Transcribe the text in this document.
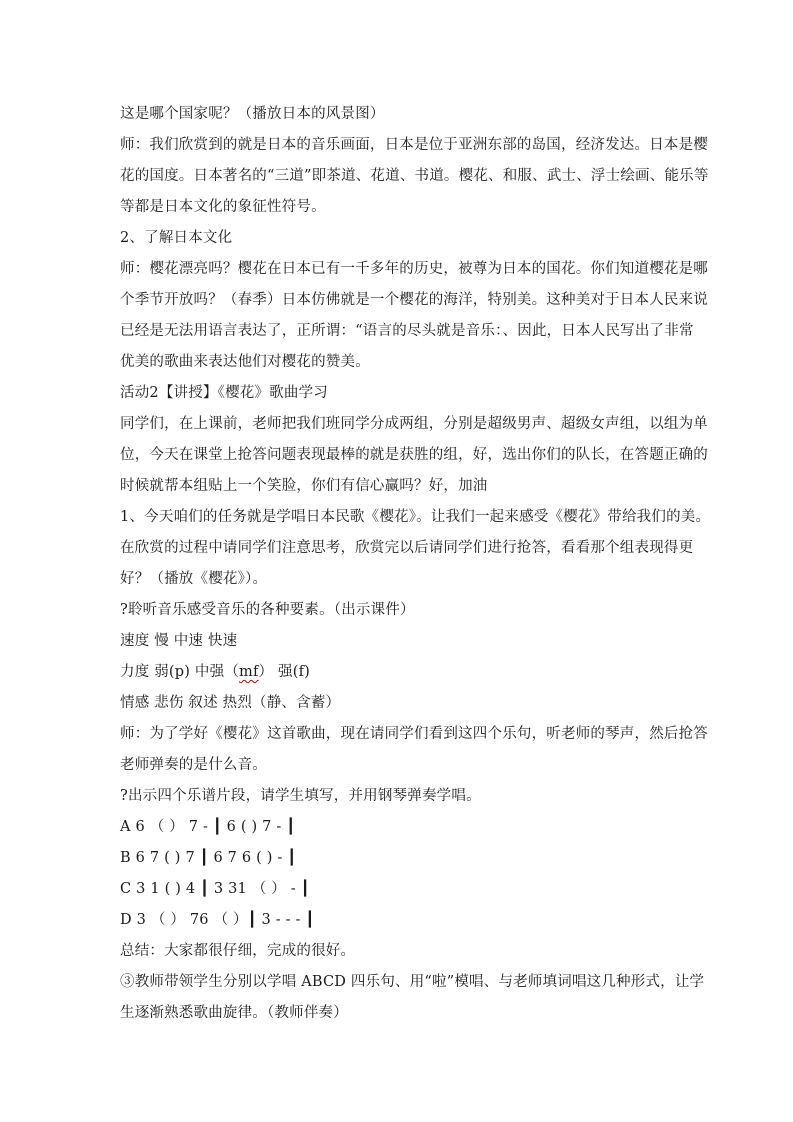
这是哪个国家呢？（播放日本的风景图）
师：我们欣赏到的就是日本的音乐画面，日本是位于亚洲东部的岛国，经济发达。日本是樱
花的国度。日本著名的“三道”即茶道、花道、书道。樱花、和服、武士、浮士绘画、能乐等
等都是日本文化的象征性符号。
2、了解日本文化
师：樱花漂亮吗？樱花在日本已有一千多年的历史，被尊为日本的国花。你们知道樱花是哪
个季节开放吗？（春季）日本仿佛就是一个樱花的海洋，特别美。这种美对于日本人民来说
已经是无法用语言表达了，正所谓：“语言的尽头就是音乐：、因此，日本人民写出了非常
优美的歌曲来表达他们对樱花的赞美。
活动2【讲授】《樱花》歌曲学习
同学们，在上课前，老师把我们班同学分成两组，分别是超级男声、超级女声组，以组为单
位，今天在课堂上抢答问题表现最棒的就是获胜的组，好，选出你们的队长，在答题正确的
时候就帮本组贴上一个笑脸，你们有信心赢吗？好，加油
1、今天咱们的任务就是学唱日本民歌《樱花》。让我们一起来感受《樱花》带给我们的美。
在欣赏的过程中请同学们注意思考，欣赏完以后请同学们进行抢答，看看那个组表现得更
好？（播放《樱花》）。
?聆听音乐感受音乐的各种要素。（出示课件）
速度 慢 中速 快速
力度 弱(p) 中强（mf） 强(f)
情感 悲伤 叙述 热烈（静、含蓄）
师：为了学好《樱花》这首歌曲，现在请同学们看到这四个乐句，听老师的琴声，然后抢答
老师弹奏的是什么音。
?出示四个乐谱片段，请学生填写，并用钢琴弹奏学唱。
A 6 （ ） 7 - ┃ 6 ( ) 7 - ┃
B 6 7 ( ) 7 ┃ 6 7 6 ( ) - ┃
C 3 1 ( ) 4 ┃ 3 31 （ ） - ┃
D 3 （ ） 76 （ ）┃ 3 - - - ┃
总结：大家都很仔细，完成的很好。
③教师带领学生分别以学唱 ABCD 四乐句、用“啦”模唱、与老师填词唱这几种形式，让学
生逐渐熟悉歌曲旋律。（教师伴奏）
